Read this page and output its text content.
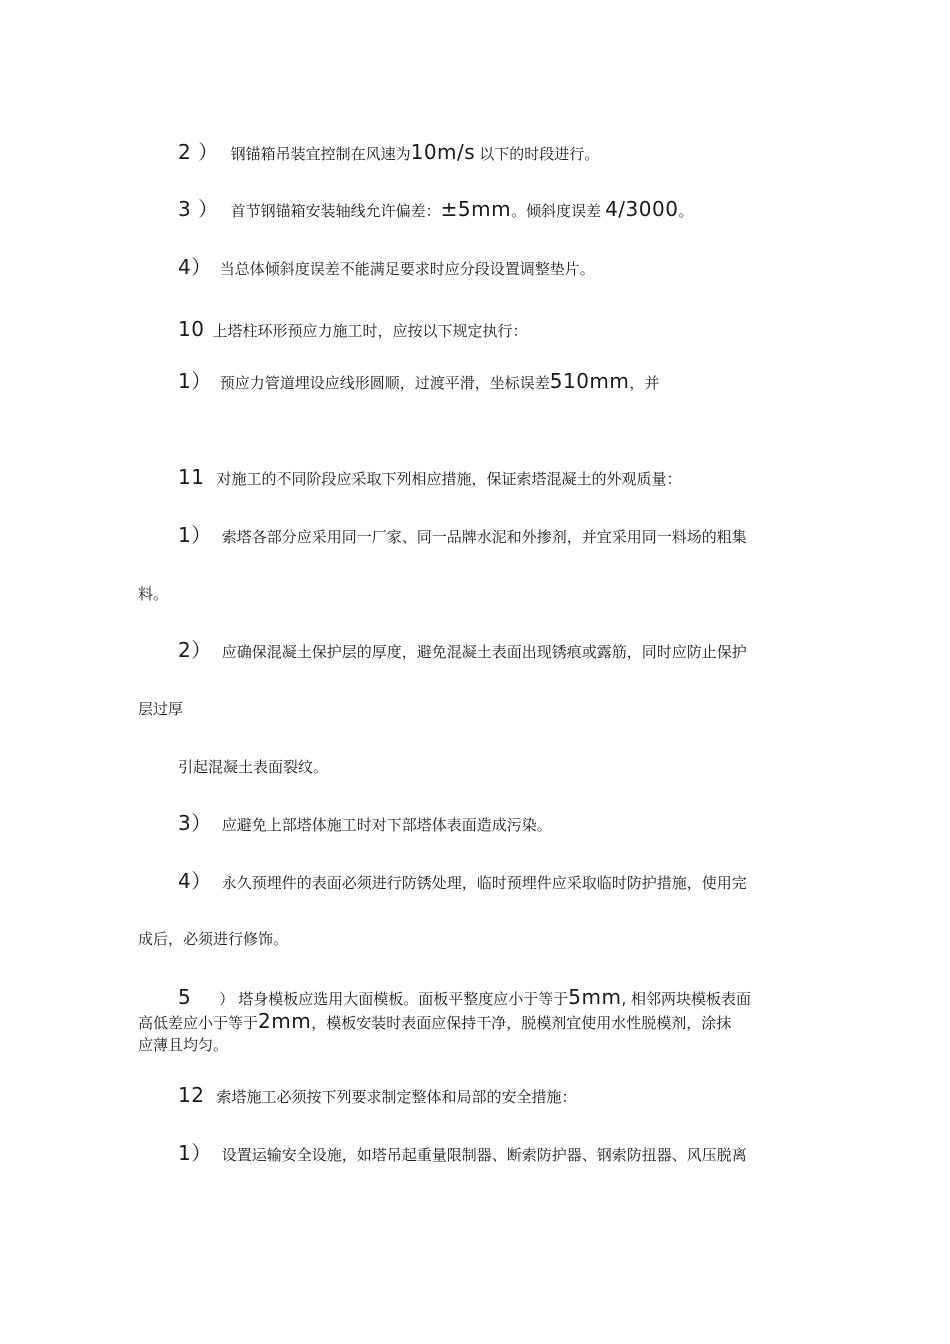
2 ） 钢锚箱吊装宜控制在风速为10m/s 以下的时段进行。
3 ） 首节钢锚箱安装轴线允许偏差：±5mm。倾斜度误差 4/3000。
4） 当总体倾斜度误差不能满足要求时应分段设置调整垫片。
10 上塔柱环形预应力施工时，应按以下规定执行：
1） 预应力管道埋设应线形圆顺，过渡平滑，坐标误差510mm，并
11 对施工的不同阶段应采取下列相应措施，保证索塔混凝土的外观质量：
1） 索塔各部分应采用同一厂家、同一品牌水泥和外掺剂，并宜采用同一料场的粗集
料。
2） 应确保混凝土保护层的厚度，避免混凝土表面出现锈痕或露筋，同时应防止保护
层过厚
引起混凝土表面裂纹。
3） 应避免上部塔体施工时对下部塔体表面造成污染。
4） 永久预埋件的表面必须进行防锈处理，临时预埋件应采取临时防护措施，使用完
成后，必须进行修饰。
5 ） 塔身模板应选用大面模板。面板平整度应小于等于5mm, 相邻两块模板表面
高低差应小于等于2mm，模板安装时表面应保持干净，脱模剂宜使用水性脱模剂，涂抹
应薄且均匀。
12 索塔施工必须按下列要求制定整体和局部的安全措施：
1） 设置运输安全设施，如塔吊起重量限制器、断索防护器、钢索防扭器、风压脱离
